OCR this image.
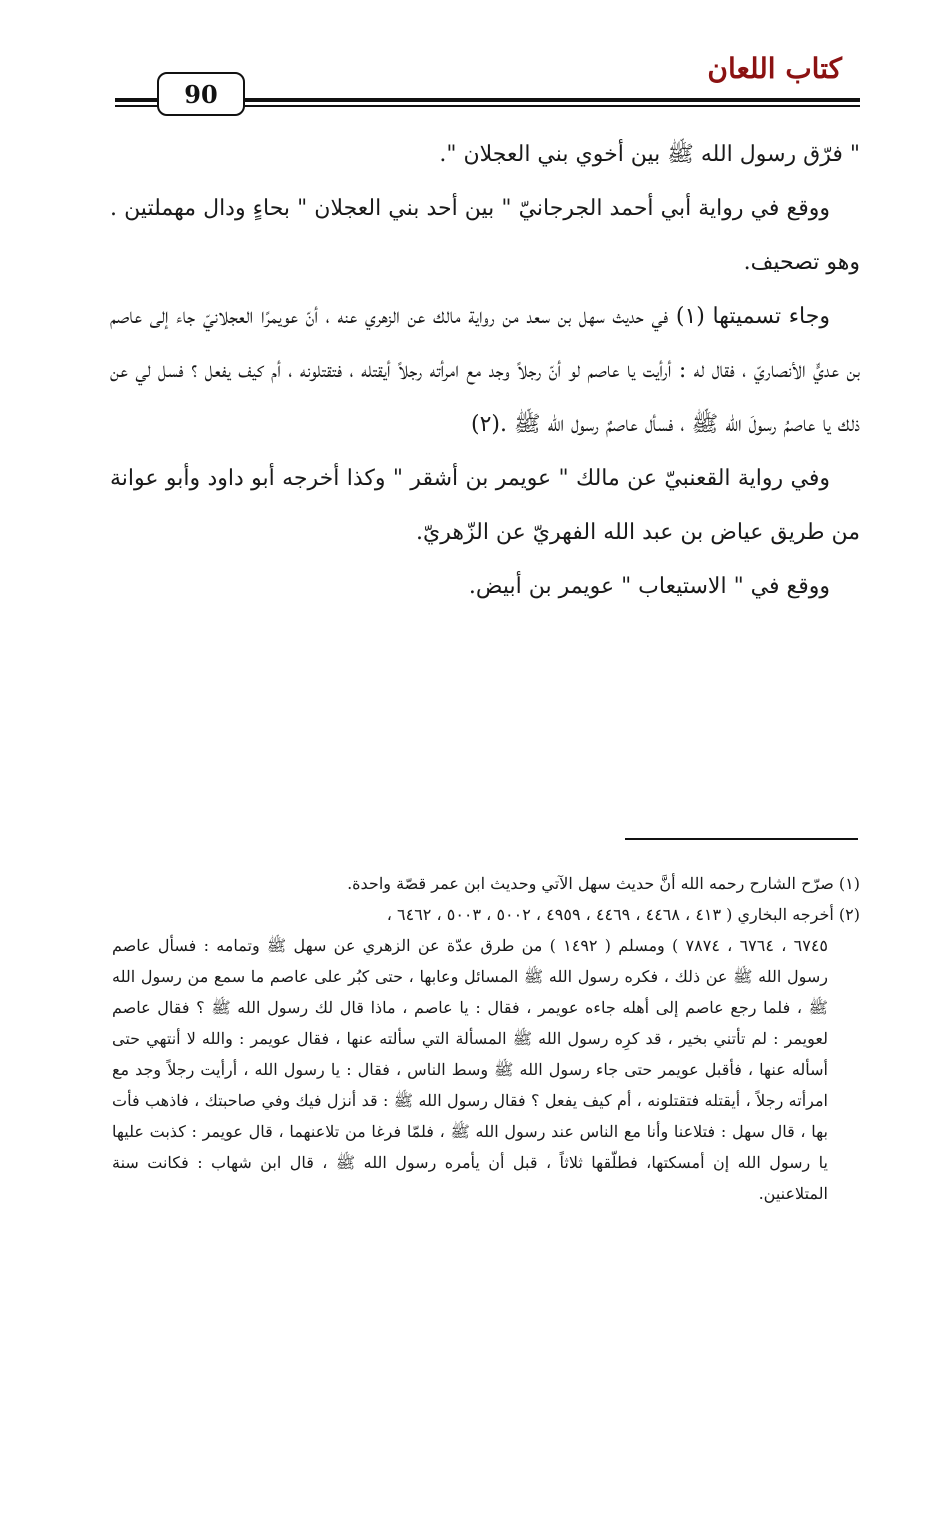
كتاب اللعان
90

" فرّق رسول الله ﷺ بين أخوي بني العجلان ".

ووقع في رواية أبي أحمد الجرجانيّ " بين أحد بني العجلان " بحاءٍ ودال مهملتين . وهو تصحيف.

وجاء تسميتها (١) في حديث سهل بن سعد من رواية مالك عن الزهري عنه ، أنّ عويمرًا العجلانيّ جاء إلى عاصم بن عديٍّ الأنصاريّ ، فقال له : أرأيت يا عاصم لو أنّ رجلاً وجد مع امرأته رجلاً أيقتله ، فتقتلونه ، أم كيف يفعل ؟ فسل لي عن ذلك يا عاصمُ رسولَ الله ﷺ ، فسأل عاصمٌ رسول الله ﷺ .(٢)

وفي رواية القعنبيّ عن مالك " عويمر بن أشقر " وكذا أخرجه أبو داود وأبو عوانة من طريق عياض بن عبد الله الفهريّ عن الزّهريّ.

ووقع في " الاستيعاب " عويمر بن أبيض.

(١) صرّح الشارح رحمه الله أنَّ حديث سهل الآتي وحديث ابن عمر قصّة واحدة.

(٢) أخرجه البخاري ( ٤١٣ ، ٤٤٦٨ ، ٤٤٦٩ ، ٤٩٥٩ ، ٥٠٠٢ ، ٥٠٠٣ ، ٦٤٦٢ ،

٦٧٤٥ ، ٦٧٦٤ ، ٧٨٧٤ ) ومسلم ( ١٤٩٢ ) من طرق عدّة عن الزهري عن سهل ﷺ وتمامه : فسأل عاصم رسول الله ﷺ عن ذلك ، فكره رسول الله ﷺ المسائل وعابها ، حتى كبُر على عاصم ما سمع من رسول الله ﷺ ، فلما رجع عاصم إلى أهله جاءه عويمر ، فقال : يا عاصم ، ماذا قال لك رسول الله ﷺ ؟ فقال عاصم لعويمر : لم تأتني بخير ، قد كرِه رسول الله ﷺ المسألة التي سألته عنها ، فقال عويمر : والله لا أنتهي حتى أسأله عنها ، فأقبل عويمر حتى جاء رسول الله ﷺ وسط الناس ، فقال : يا رسول الله ، أرأيت رجلاً وجد مع امرأته رجلاً ، أيقتله فتقتلونه ، أم كيف يفعل ؟ فقال رسول الله ﷺ : قد أنزل فيك وفي صاحبتك ، فاذهب فأت بها ، قال سهل : فتلاعنا وأنا مع الناس عند رسول الله ﷺ ، فلمّا فرغا من تلاعنهما ، قال عويمر : كذبت عليها يا رسول الله إن أمسكتها، فطلّقها ثلاثاً ، قبل أن يأمره رسول الله ﷺ ، قال ابن شهاب : فكانت سنة المتلاعنين.
